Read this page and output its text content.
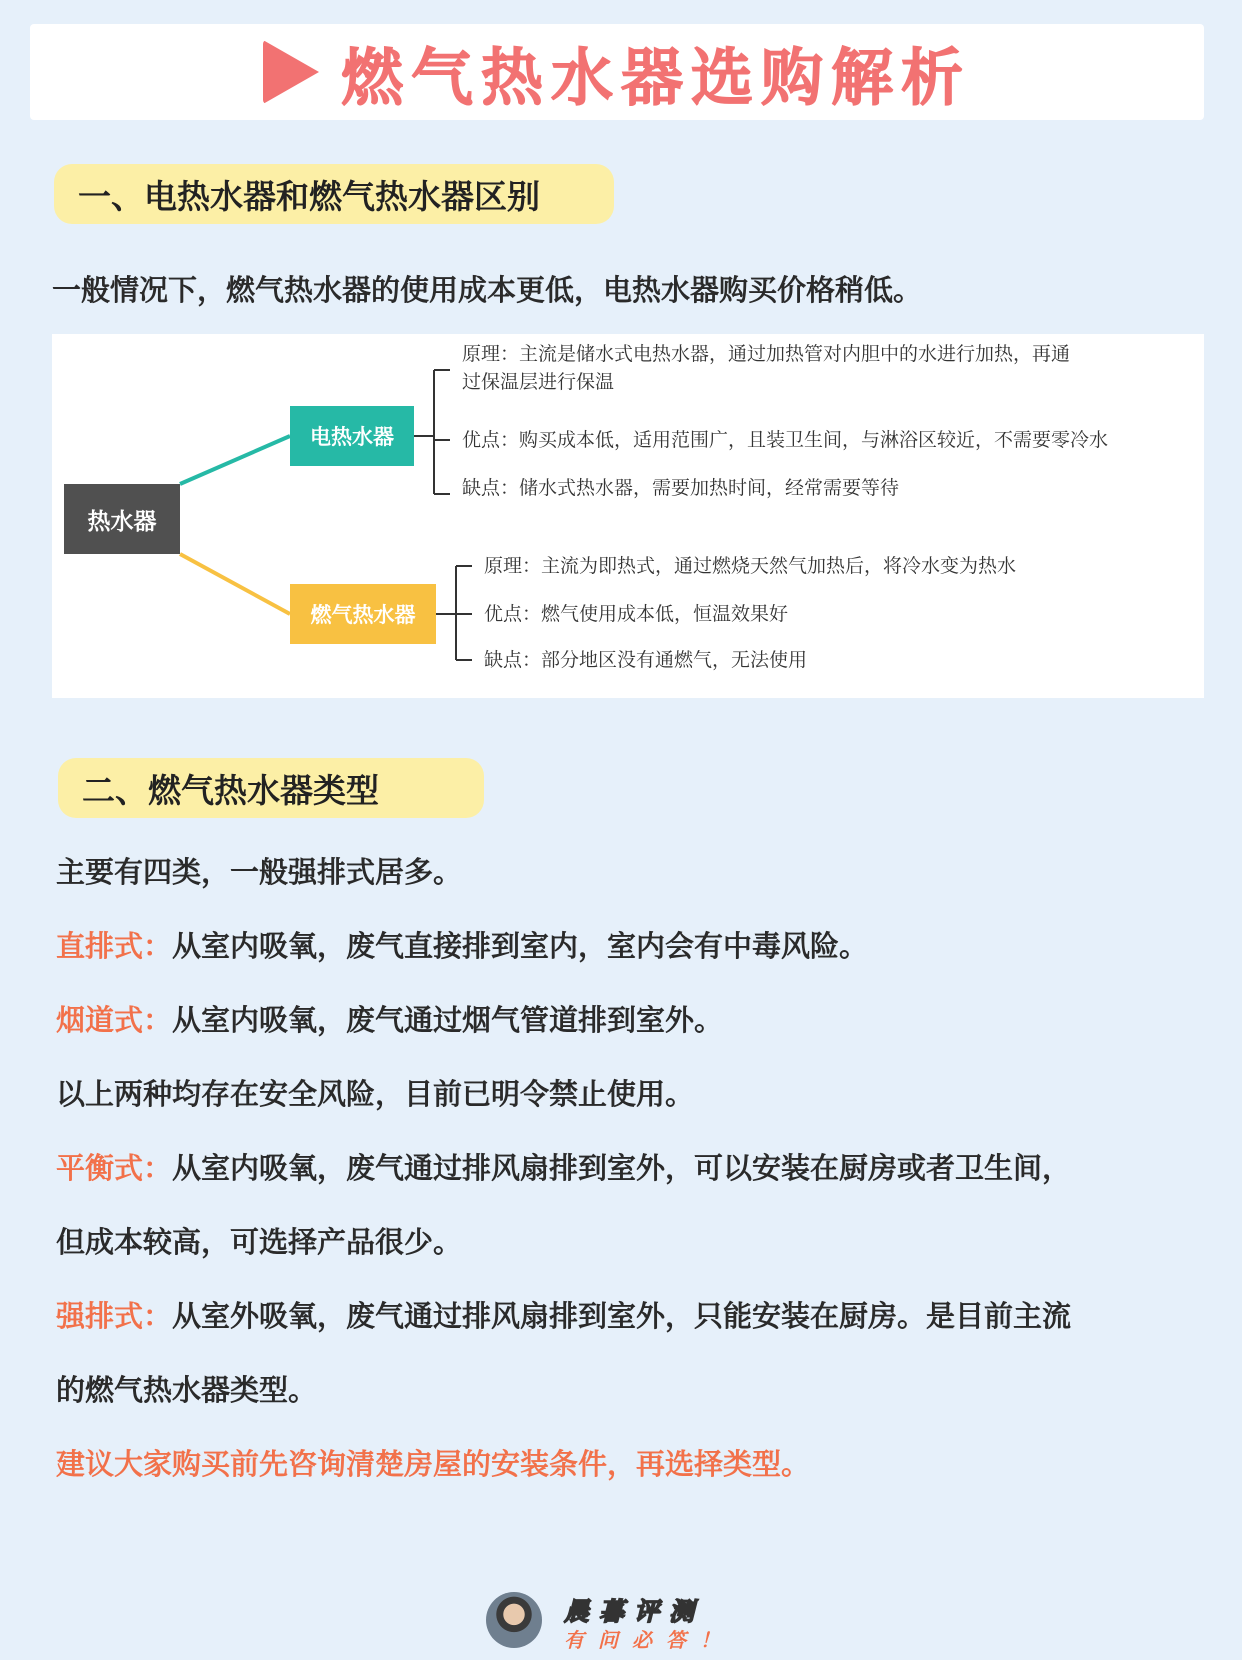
燃气热水器选购解析
一、电热水器和燃气热水器区别
一般情况下，燃气热水器的使用成本更低，电热水器购买价格稍低。
热水器
电热水器
燃气热水器
原理：主流是储水式电热水器，通过加热管对内胆中的水进行加热，再通
过保温层进行保温
优点：购买成本低，适用范围广，且装卫生间，与淋浴区较近，不需要零冷水
缺点：储水式热水器，需要加热时间，经常需要等待
原理：主流为即热式，通过燃烧天然气加热后，将冷水变为热水
优点：燃气使用成本低，恒温效果好
缺点：部分地区没有通燃气，无法使用
二、燃气热水器类型
主要有四类，一般强排式居多。
直排式：从室内吸氧，废气直接排到室内，室内会有中毒风险。
烟道式：从室内吸氧，废气通过烟气管道排到室外。
以上两种均存在安全风险，目前已明令禁止使用。
平衡式：从室内吸氧，废气通过排风扇排到室外，可以安装在厨房或者卫生间，
但成本较高，可选择产品很少。
强排式：从室外吸氧，废气通过排风扇排到室外，只能安装在厨房。是目前主流
的燃气热水器类型。
建议大家购买前先咨询清楚房屋的安装条件，再选择类型。
晨暮评测
有问必答！
